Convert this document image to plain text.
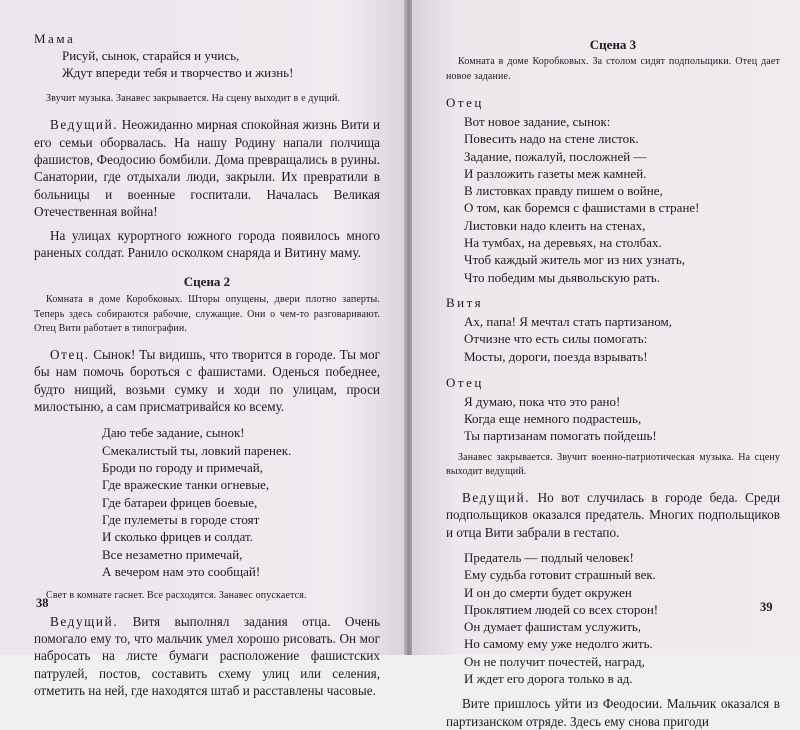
Мама
Рисуй, сынок, старайся и учись,
Ждут впереди тебя и творчество и жизнь!
Звучит музыка. Занавес закрывается. На сцену выходит в е дущий.
Ведущий. Неожиданно мирная спокойная жизнь Вити и его семьи оборвалась. На нашу Родину напали полчища фашистов, Феодосию бомбили. Дома превращались в руины. Санатории, где отдыхали люди, закрыли. Их превратили в больницы и военные госпитали. Началась Великая Отечественная война!
На улицах курортного южного города появилось много раненых солдат. Ранило осколком снаряда и Витину маму.
Сцена 2
Комната в доме Коробковых. Шторы опущены, двери плотно заперты. Теперь здесь собираются рабочие, служащие. Они о чем-то разговаривают. Отец Вити работает в типографии.
Отец. Сынок! Ты видишь, что творится в городе. Ты мог бы нам помочь бороться с фашистами. Оденься победнее, будто нищий, возьми сумку и ходи по улицам, проси милостыню, а сам присматривайся ко всему.
Даю тебе задание, сынок!
Смекалистый ты, ловкий паренек.
Броди по городу и примечай,
Где вражеские танки огневые,
Где батареи фрицев боевые,
Где пулеметы в городе стоят
И сколько фрицев и солдат.
Все незаметно примечай,
А вечером нам это сообщай!
Свет в комнате гаснет. Все расходятся. Занавес опускается.
Ведущий. Витя выполнял задания отца. Очень помогало ему то, что мальчик умел хорошо рисовать. Он мог набросать на листе бумаги расположение фашистских патрулей, постов, составить схему улиц или селения, отметить на ней, где находятся штаб и расставлены часовые.
38
Сцена 3
Комната в доме Коробковых. За столом сидят подпольщики. Отец дает новое задание.
Отец
Вот новое задание, сынок:
Повесить надо на стене листок.
Задание, пожалуй, посложней —
И разложить газеты меж камней.
В листовках правду пишем о войне,
О том, как боремся с фашистами в стране!
Листовки надо клеить на стенах,
На тумбах, на деревьях, на столбах.
Чтоб каждый житель мог из них узнать,
Что победим мы дьявольскую рать.
Витя
Ах, папа! Я мечтал стать партизаном,
Отчизне что есть силы помогать:
Мосты, дороги, поезда взрывать!
Отец
Я думаю, пока что это рано!
Когда еще немного подрастешь,
Ты партизанам помогать пойдешь!
Занавес закрывается. Звучит военно-патриотическая музыка. На сцену выходит ведущий.
Ведущий. Но вот случилась в городе беда. Среди подпольщиков оказался предатель. Многих подпольщиков и отца Вити забрали в гестапо.
Предатель — подлый человек!
Ему судьба готовит страшный век.
И он до смерти будет окружен
Проклятием людей со всех сторон!
Он думает фашистам услужить,
Но самому ему уже недолго жить.
Он не получит почестей, наград,
И ждет его дорога только в ад.
Вите пришлось уйти из Феодосии. Мальчик оказался в партизанском отряде. Здесь ему снова пригоди
39
